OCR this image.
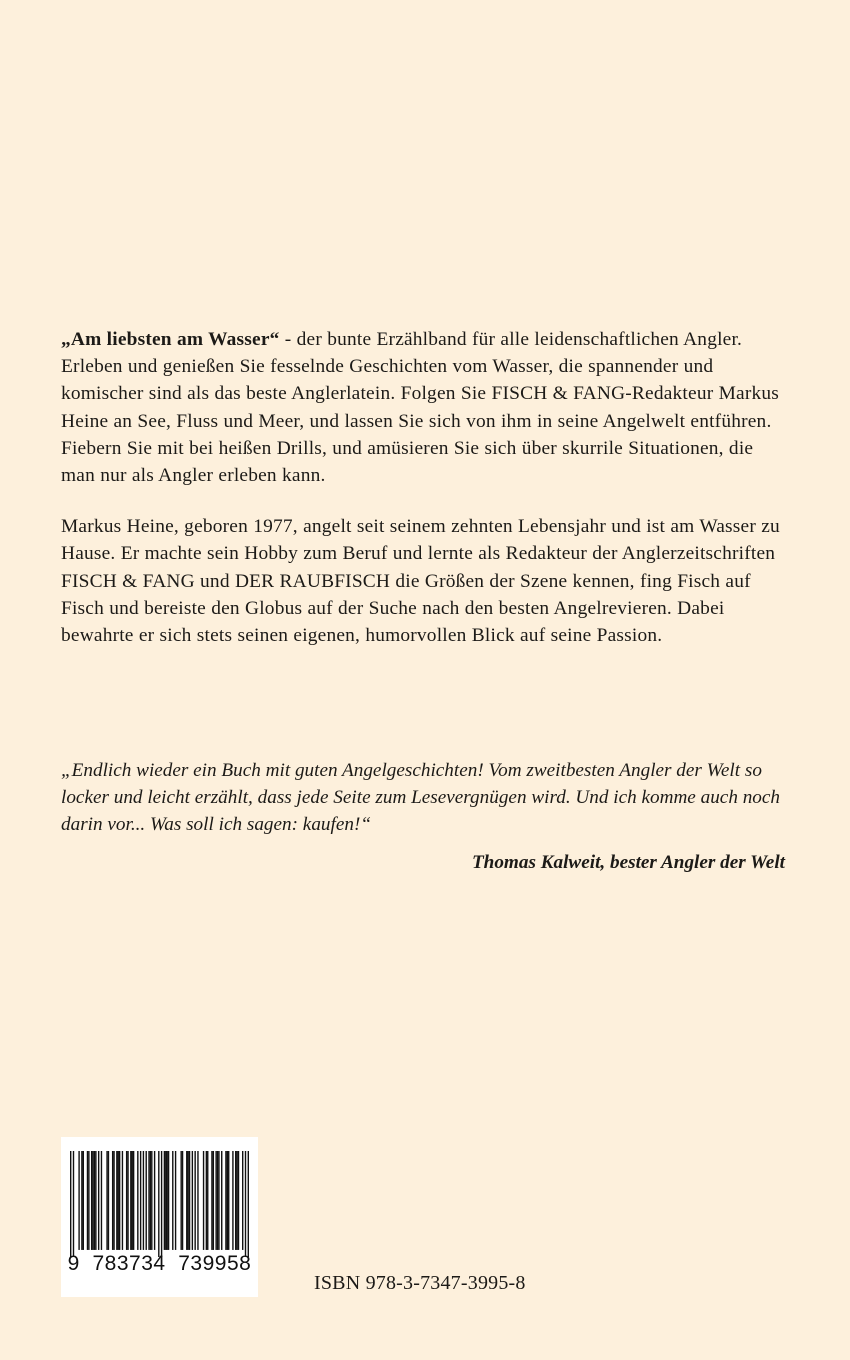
„Am liebsten am Wasser“ - der bunte Erzählband für alle leidenschaftlichen Angler. Erleben und genießen Sie fesselnde Geschichten vom Wasser, die spannender und komischer sind als das beste Anglerlatein. Folgen Sie FISCH & FANG-Redakteur Markus Heine an See, Fluss und Meer, und lassen Sie sich von ihm in seine Angelwelt entführen. Fiebern Sie mit bei heißen Drills, und amüsieren Sie sich über skurrile Situationen, die man nur als Angler erleben kann.

Markus Heine, geboren 1977, angelt seit seinem zehnten Lebensjahr und ist am Wasser zu Hause. Er machte sein Hobby zum Beruf und lernte als Redakteur der Anglerzeitschriften FISCH & FANG und DER RAUBFISCH die Größen der Szene kennen, fing Fisch auf Fisch und bereiste den Globus auf der Suche nach den besten Angelrevieren. Dabei bewahrte er sich stets seinen eigenen, humorvollen Blick auf seine Passion.

„Endlich wieder ein Buch mit guten Angelgeschichten! Vom zweitbesten Angler der Welt so locker und leicht erzählt, dass jede Seite zum Lesevergnügen wird. Und ich komme auch noch darin vor... Was soll ich sagen: kaufen!“

Thomas Kalweit, bester Angler der Welt
9  783734  739958
ISBN 978-3-7347-3995-8
